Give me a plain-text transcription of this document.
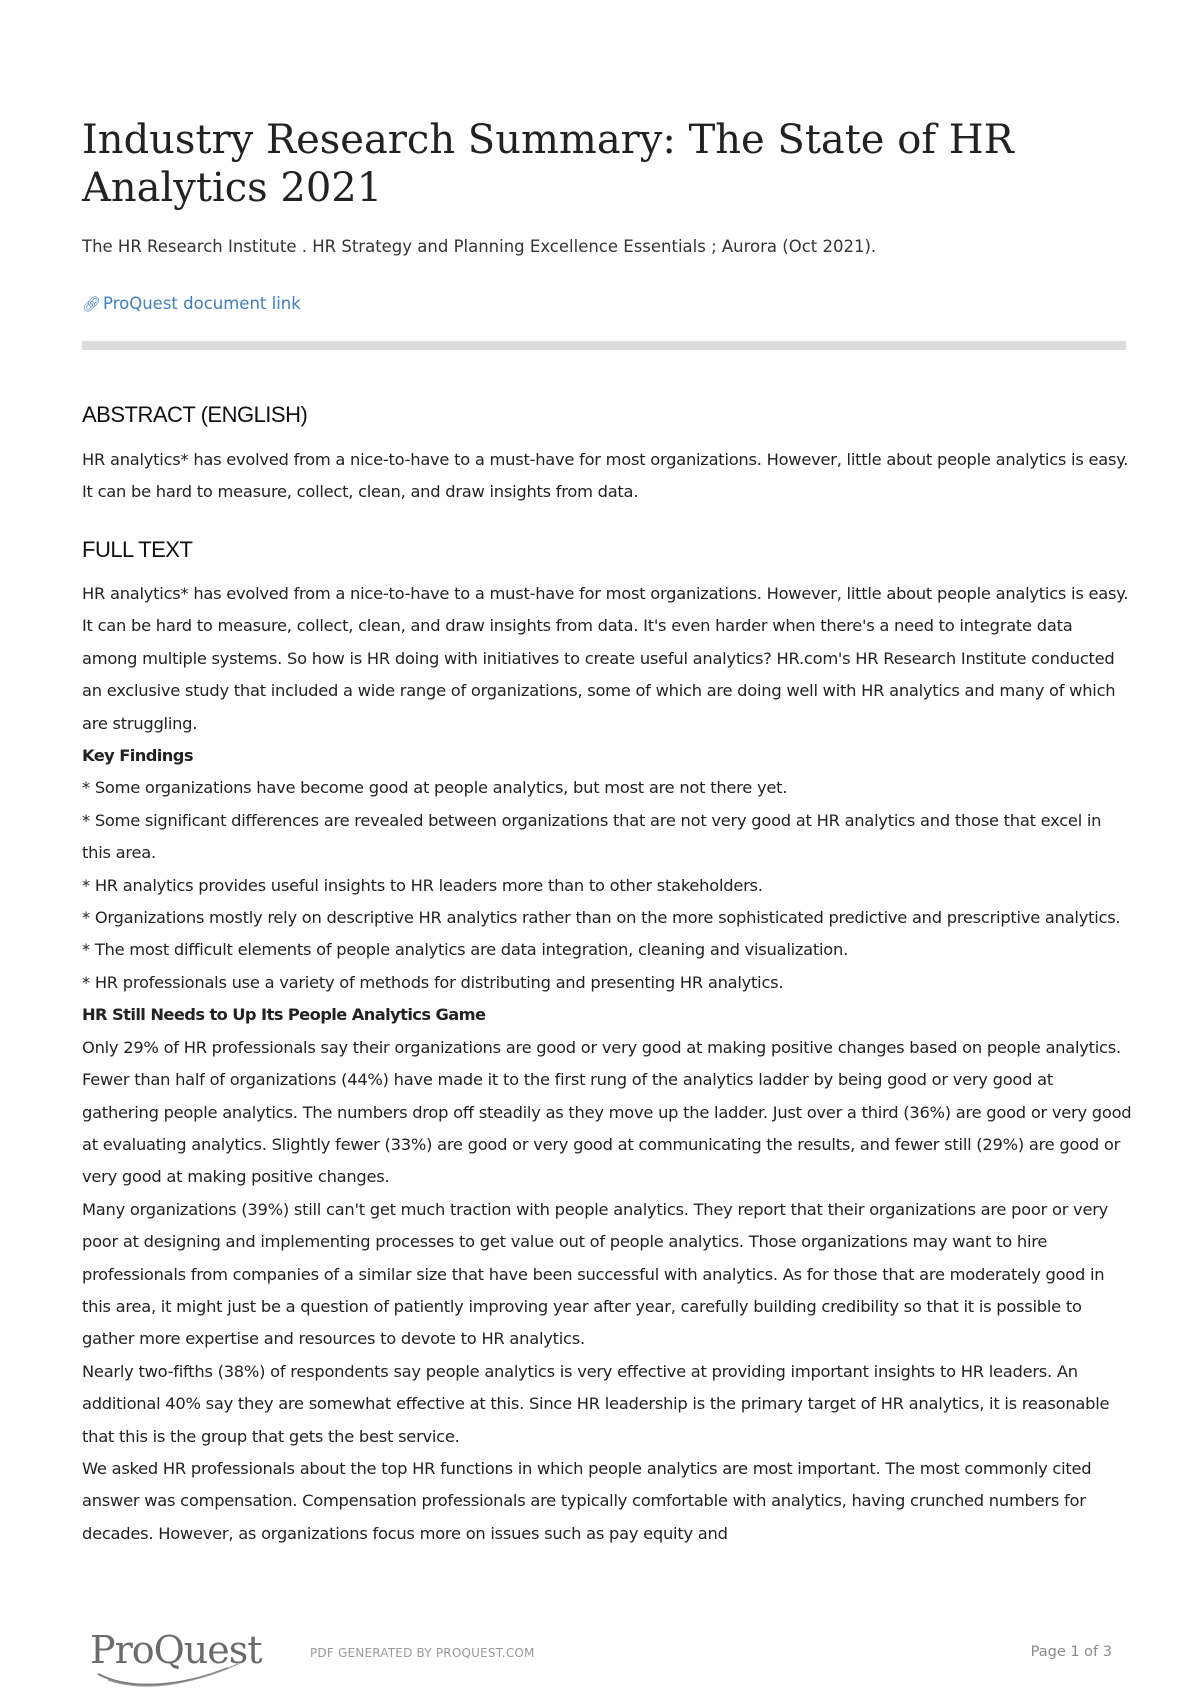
Industry Research Summary: The State of HR Analytics 2021
The HR Research Institute . HR Strategy and Planning Excellence Essentials ; Aurora (Oct 2021).
🔗︎ ProQuest document link
ABSTRACT (ENGLISH)

HR analytics* has evolved from a nice-to-have to a must-have for most organizations. However, little about people analytics is easy. It can be hard to measure, collect, clean, and draw insights from data.

FULL TEXT

HR analytics* has evolved from a nice-to-have to a must-have for most organizations. However, little about people analytics is easy. It can be hard to measure, collect, clean, and draw insights from data. It's even harder when there's a need to integrate data among multiple systems. So how is HR doing with initiatives to create useful analytics? HR.com's HR Research Institute conducted an exclusive study that included a wide range of organizations, some of which are doing well with HR analytics and many of which are struggling.

Key Findings

* Some organizations have become good at people analytics, but most are not there yet.

* Some significant differences are revealed between organizations that are not very good at HR analytics and those that excel in this area.

* HR analytics provides useful insights to HR leaders more than to other stakeholders.

* Organizations mostly rely on descriptive HR analytics rather than on the more sophisticated predictive and prescriptive analytics.

* The most difficult elements of people analytics are data integration, cleaning and visualization.

* HR professionals use a variety of methods for distributing and presenting HR analytics.

HR Still Needs to Up Its People Analytics Game

Only 29% of HR professionals say their organizations are good or very good at making positive changes based on people analytics. Fewer than half of organizations (44%) have made it to the first rung of the analytics ladder by being good or very good at gathering people analytics. The numbers drop off steadily as they move up the ladder. Just over a third (36%) are good or very good at evaluating analytics. Slightly fewer (33%) are good or very good at communicating the results, and fewer still (29%) are good or very good at making positive changes.

Many organizations (39%) still can't get much traction with people analytics. They report that their organizations are poor or very poor at designing and implementing processes to get value out of people analytics. Those organizations may want to hire professionals from companies of a similar size that have been successful with analytics. As for those that are moderately good in this area, it might just be a question of patiently improving year after year, carefully building credibility so that it is possible to gather more expertise and resources to devote to HR analytics.

Nearly two-fifths (38%) of respondents say people analytics is very effective at providing important insights to HR leaders. An additional 40% say they are somewhat effective at this. Since HR leadership is the primary target of HR analytics, it is reasonable that this is the group that gets the best service.

We asked HR professionals about the top HR functions in which people analytics are most important. The most commonly cited answer was compensation. Compensation professionals are typically comfortable with analytics, having crunched numbers for decades. However, as organizations focus more on issues such as pay equity and

ProQuest	PDF GENERATED BY PROQUEST.COM	Page 1 of 3
